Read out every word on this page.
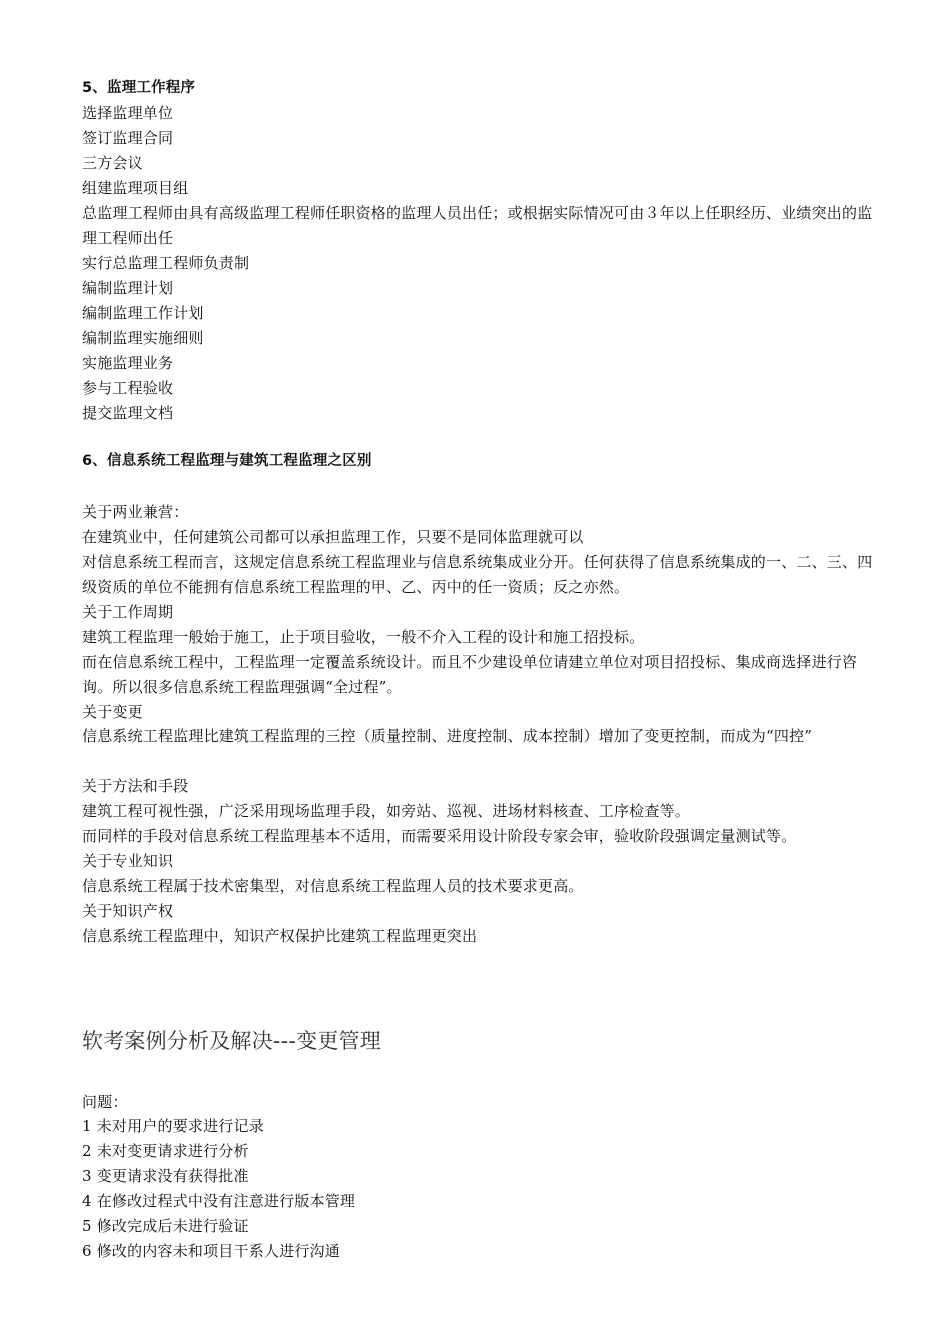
5、监理工作程序
选择监理单位
签订监理合同
三方会议
组建监理项目组
总监理工程师由具有高级监理工程师任职资格的监理人员出任；或根据实际情况可由３年以上任职经历、业绩突出的监理工程师出任
实行总监理工程师负责制
编制监理计划
编制监理工作计划
编制监理实施细则
实施监理业务
参与工程验收
提交监理文档
6、信息系统工程监理与建筑工程监理之区别
关于两业兼营：
在建筑业中，任何建筑公司都可以承担监理工作，只要不是同体监理就可以
对信息系统工程而言，这规定信息系统工程监理业与信息系统集成业分开。任何获得了信息系统集成的一、二、三、四级资质的单位不能拥有信息系统工程监理的甲、乙、丙中的任一资质；反之亦然。
关于工作周期
建筑工程监理一般始于施工，止于项目验收，一般不介入工程的设计和施工招投标。
而在信息系统工程中，工程监理一定覆盖系统设计。而且不少建设单位请建立单位对项目招投标、集成商选择进行咨询。所以很多信息系统工程监理强调“全过程”。
关于变更
信息系统工程监理比建筑工程监理的三控（质量控制、进度控制、成本控制）增加了变更控制，而成为“四控”
关于方法和手段
建筑工程可视性强，广泛采用现场监理手段，如旁站、巡视、进场材料核查、工序检查等。
而同样的手段对信息系统工程监理基本不适用，而需要采用设计阶段专家会审，验收阶段强调定量测试等。
关于专业知识
信息系统工程属于技术密集型，对信息系统工程监理人员的技术要求更高。
关于知识产权
信息系统工程监理中，知识产权保护比建筑工程监理更突出
软考案例分析及解决---变更管理
问题：
1 未对用户的要求进行记录
2 未对变更请求进行分析
3 变更请求没有获得批准
4 在修改过程式中没有注意进行版本管理
5 修改完成后未进行验证
6 修改的内容未和项目干系人进行沟通
